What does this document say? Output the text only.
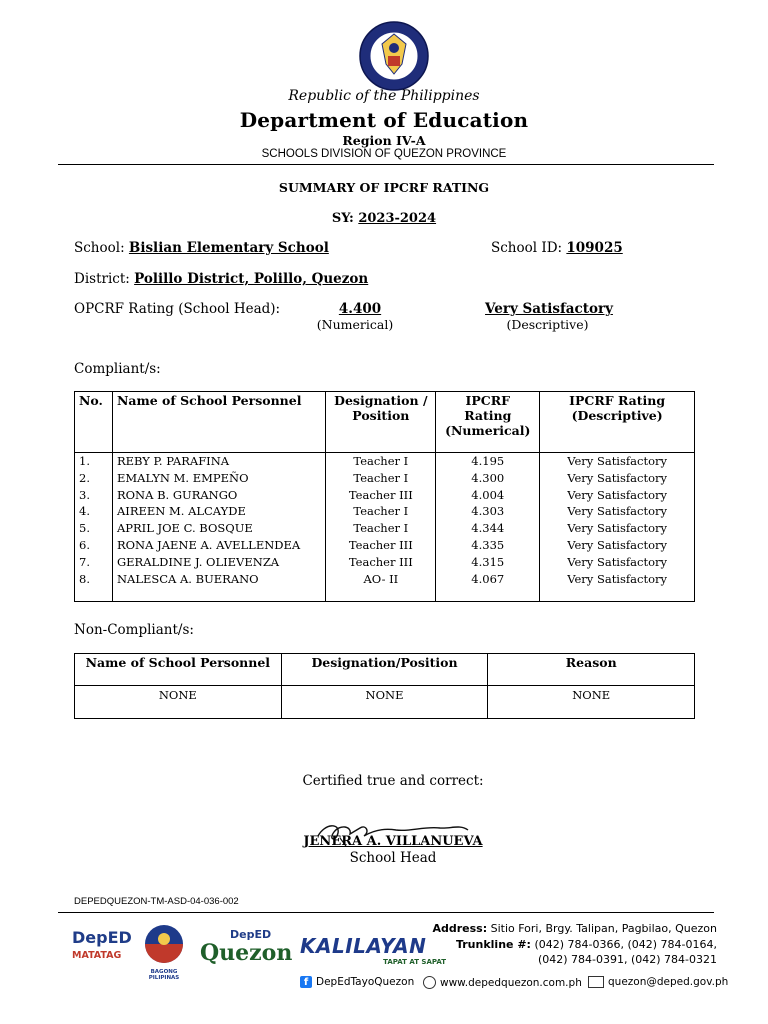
Republic of the Philippines
Department of Education
Region IV-A
SCHOOLS DIVISION OF QUEZON PROVINCE
SUMMARY OF IPCRF RATING
SY: 2023-2024
School: Bislian Elementary School	School ID: 109025
District: Polillo District, Polillo, Quezon
OPCRF Rating (School Head):	4.400
(Numerical)
Very Satisfactory
(Descriptive)
Compliant/s:
No.	Name of School Personnel	Designation / Position	IPCRF Rating (Numerical)	IPCRF Rating (Descriptive)
1.	REBY P. PARAFINA	Teacher I	4.195	Very Satisfactory
2.	EMALYN M. EMPEÑO	Teacher I	4.300	Very Satisfactory
3.	RONA B. GURANGO	Teacher III	4.004	Very Satisfactory
4.	AIREEN M. ALCAYDE	Teacher I	4.303	Very Satisfactory
5.	APRIL JOE C. BOSQUE	Teacher I	4.344	Very Satisfactory
6.	RONA JAENE A. AVELLENDEA	Teacher III	4.335	Very Satisfactory
7.	GERALDINE J. OLIEVENZA	Teacher III	4.315	Very Satisfactory
8.	NALESCA A. BUERANO	AO- II	4.067	Very Satisfactory

Non-Compliant/s:
Name of School Personnel	Designation/Position	Reason
NONE	NONE	NONE
Certified true and correct:
JENERA A. VILLANUEVA
School Head
DEPEDQUEZON-TM-ASD-04-036-002
DepED
MATATAG
BAGONG PILIPINAS
DepED
Quezon KALILAYAN
TAPAT AT SAPAT
Address: Sitio Fori, Brgy. Talipan, Pagbilao, Quezon
Trunkline #: (042) 784-0366, (042) 784-0164,
(042) 784-0391, (042) 784-0321
f DepEdTayoQuezon www.depedquezon.com.ph quezon@deped.gov.ph
